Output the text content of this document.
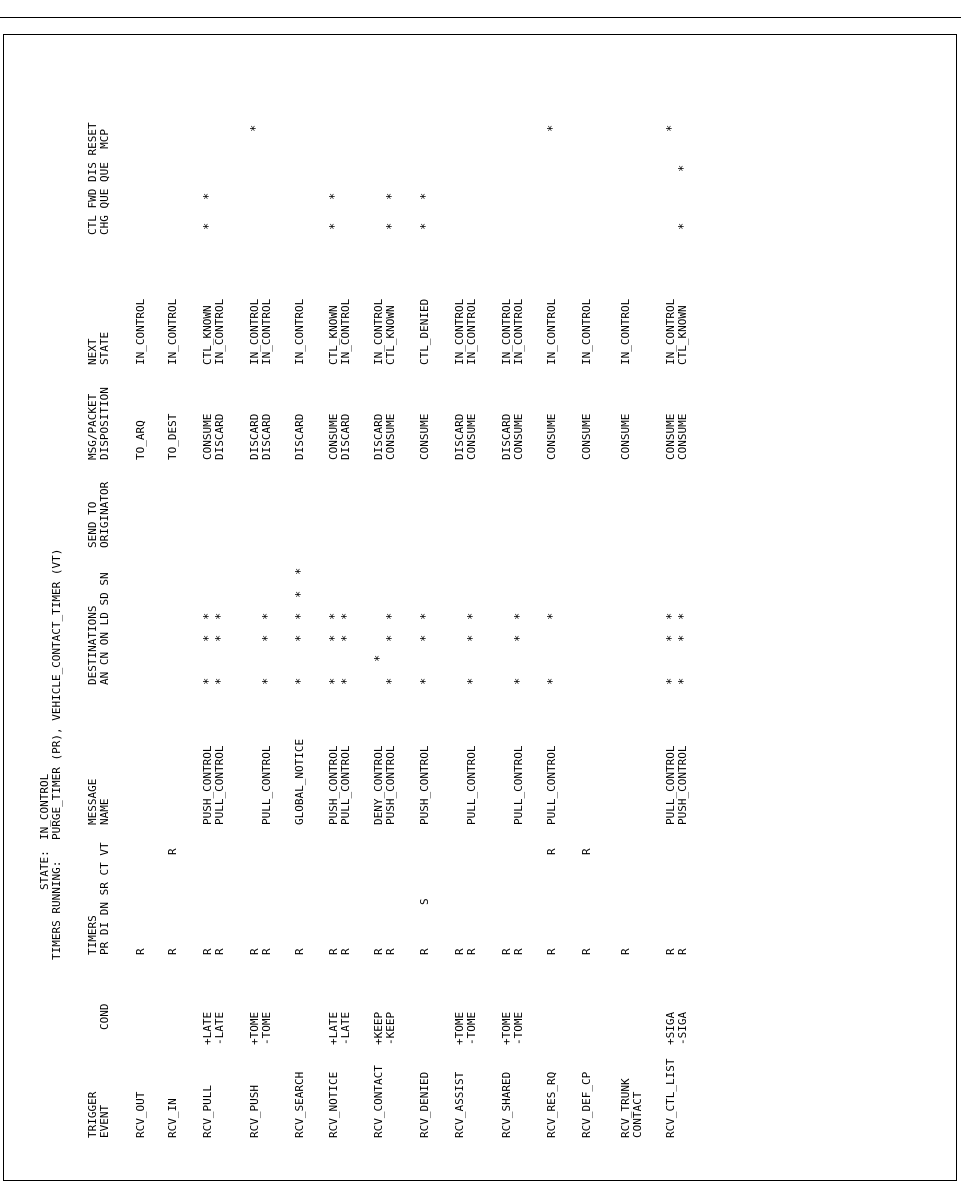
STATE:
IN_CONTROL
TIMERS RUNNING:
PURGE_TIMER (PR), VEHICLE_CONTACT_TIMER (VT)
TRIGGER EVENT
COND
TIMERS PR DI DN SR CT VT
MESSAGE NAME
DESTINATIONS AN CN ON LD SD SN
SEND TO ORIGINATOR
MSG/PACKET DISPOSITION
NEXT STATE
CTL FWD DIS RESET CHG QUE QUE  MCP
RCV_OUT
R
TO_ARQ
IN_CONTROL
RCV_IN
R
R
TO_DEST
IN_CONTROL
RCV_PULL
+LATE -LATE
R R
PUSH_CONTROL PULL_CONTROL
*
*
*
*
*
*
CONSUME DISCARD
CTL_KNOWN IN_CONTROL
*
*
RCV_PUSH
+TOME -TOME
R R
PULL_CONTROL
*
*
*
DISCARD DISCARD
IN_CONTROL IN_CONTROL
*
RCV_SEARCH
R
GLOBAL_NOTICE
*
*
*
*
*
DISCARD
IN_CONTROL
RCV_NOTICE
+LATE -LATE
R R
PUSH_CONTROL PULL_CONTROL
*
*
*
*
*
*
CONSUME DISCARD
CTL_KNOWN IN_CONTROL
*
*
RCV_CONTACT
+KEEP -KEEP
R R
DENY_CONTROL PUSH_CONTROL
*
*
*
*
DISCARD CONSUME
IN_CONTROL CTL_KNOWN
*
*
RCV_DENIED
R
S
PUSH_CONTROL
*
*
*
CONSUME
CTL_DENIED
*
*
RCV_ASSIST
+TOME -TOME
R R
PULL_CONTROL
*
*
*
DISCARD CONSUME
IN_CONTROL IN_CONTROL
RCV_SHARED
+TOME -TOME
R R
PULL_CONTROL
*
*
*
DISCARD CONSUME
IN_CONTROL IN_CONTROL
RCV_RES_RQ
R
R
PULL_CONTROL
*
*
CONSUME
IN_CONTROL
*
RCV_DEF_CP
R
R
CONSUME
IN_CONTROL
RCV_TRUNK CONTACT
R
CONSUME
IN_CONTROL
RCV_CTL_LIST
+SIGA -SIGA
R R
PULL_CONTROL PUSH_CONTROL
*
*
*
*
*
*
CONSUME CONSUME
IN_CONTROL CTL_KNOWN
*
*
*
